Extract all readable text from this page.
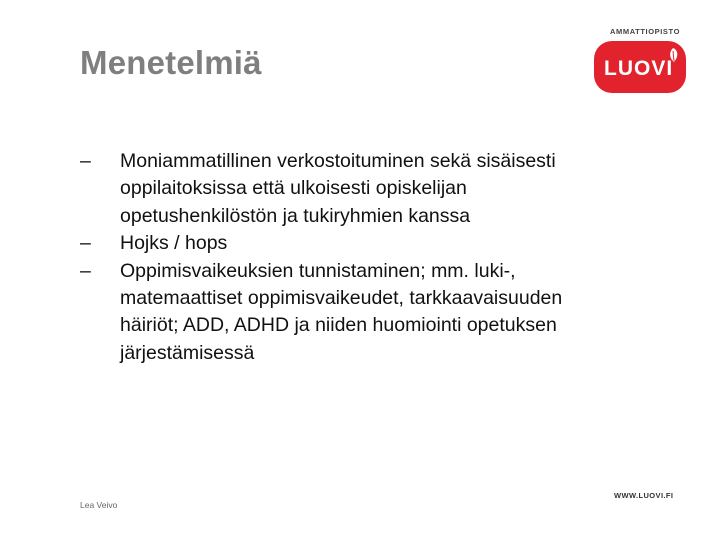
Menetelmiä
AMMATTIOPISTO
LUOVI

–	Moniammatillinen verkostoituminen sekä sisäisesti oppilaitoksissa että ulkoisesti opiskelijan opetushenkilöstön ja tukiryhmien kanssa

–	Hojks / hops

–	Oppimisvaikeuksien tunnistaminen; mm. luki-, matemaattiset oppimisvaikeudet, tarkkaavaisuuden häiriöt; ADD, ADHD ja niiden huomiointi opetuksen järjestämisessä

Lea Veivo
WWW.LUOVI.FI
